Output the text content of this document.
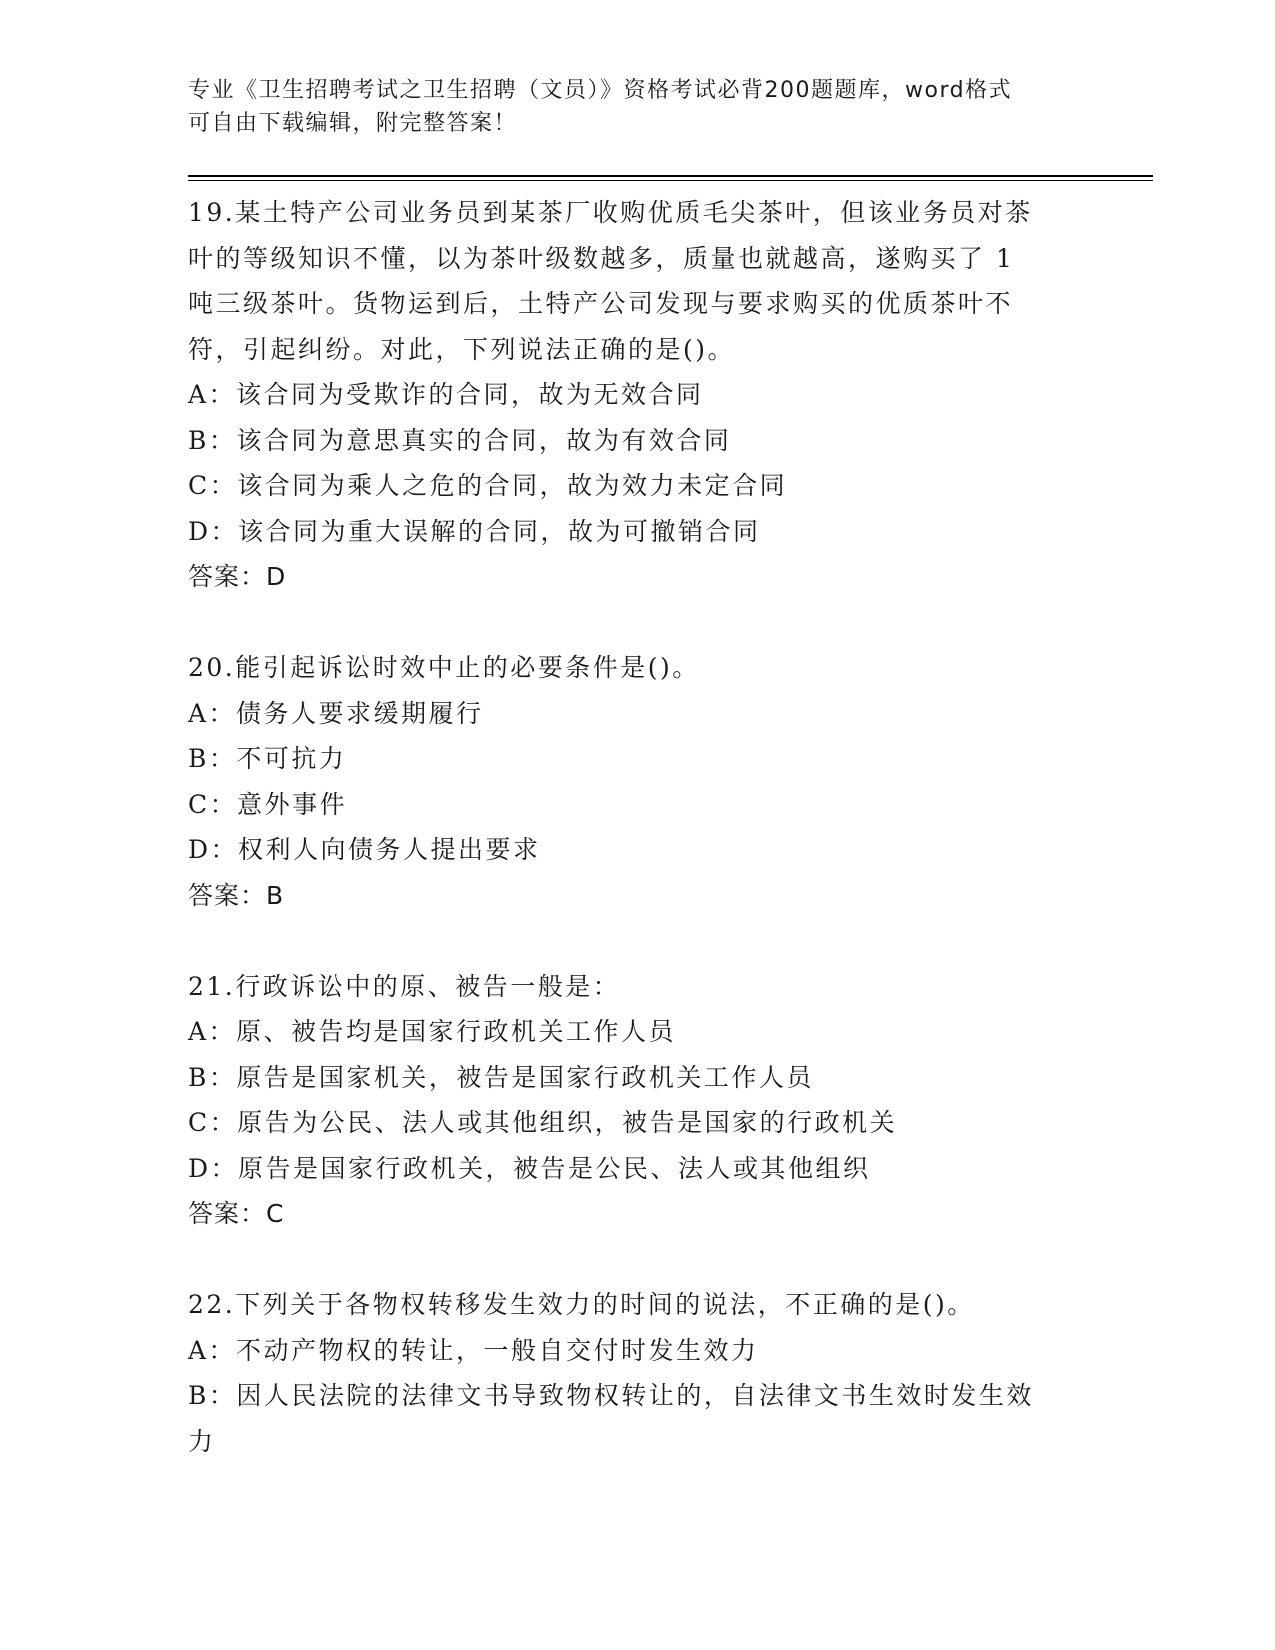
专业《卫生招聘考试之卫生招聘（文员）》资格考试必背200题题库，word格式
可自由下载编辑，附完整答案！
19.某土特产公司业务员到某茶厂收购优质毛尖茶叶，但该业务员对茶
叶的等级知识不懂，以为茶叶级数越多，质量也就越高，遂购买了 1
吨三级茶叶。货物运到后，土特产公司发现与要求购买的优质茶叶不
符，引起纠纷。对此，下列说法正确的是()。
A：该合同为受欺诈的合同，故为无效合同
B：该合同为意思真实的合同，故为有效合同
C：该合同为乘人之危的合同，故为效力未定合同
D：该合同为重大误解的合同，故为可撤销合同
答案：D
20.能引起诉讼时效中止的必要条件是()。
A：债务人要求缓期履行
B：不可抗力
C：意外事件
D：权利人向债务人提出要求
答案：B
21.行政诉讼中的原、被告一般是：
A：原、被告均是国家行政机关工作人员
B：原告是国家机关，被告是国家行政机关工作人员
C：原告为公民、法人或其他组织，被告是国家的行政机关
D：原告是国家行政机关，被告是公民、法人或其他组织
答案：C
22.下列关于各物权转移发生效力的时间的说法，不正确的是()。
A：不动产物权的转让，一般自交付时发生效力
B：因人民法院的法律文书导致物权转让的，自法律文书生效时发生效
力
